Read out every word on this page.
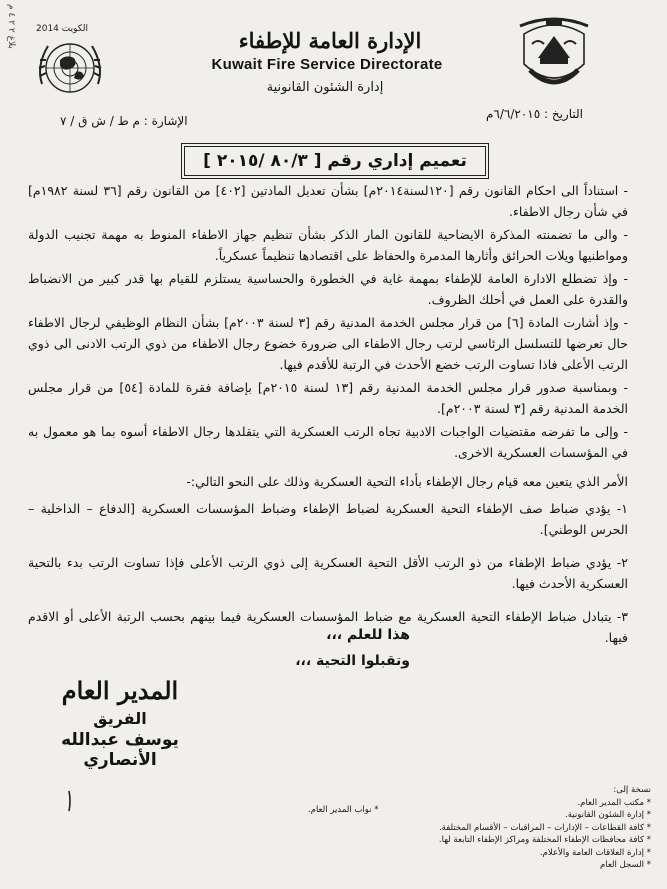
بلاغ ٢ ٢ ٤ م
الكويت 2014	الإدارة العامة للإطفاء
Kuwait Fire Service Directorate
إدارة الشئون القانونية
التاريخ : ٦/٦/٢٠١٥م
الإشارة : م ط / ش ق / ٧
تعميم إداري رقم [ ٨٠/٣ /٢٠١٥ ]

- استناداً الى احكام القانون رقم [١٢٠لسنة٢٠١٤م] بشأن تعديل المادتين [٤٠٢] من القانون رقم [٣٦ لسنة ١٩٨٢م] في شأن رجال الاطفاء.

- والى ما تضمنته المذكرة الايضاحية للقانون المار الذكر بشأن تنظيم جهاز الاطفاء المنوط به مهمة تجنيب الدولة ومواطنيها ويلات الحرائق وأثارها المدمرة والحفاظ على اقتصادها تنظيماً عسكرياً.

- وإذ تضطلع الادارة العامة للإطفاء بمهمة غاية في الخطورة والحساسية يستلزم للقيام بها قدر كبير من الانضباط والقدرة على العمل في أحلك الظروف.

- وإذ أشارت المادة [٦] من قرار مجلس الخدمة المدنية رقم [٣ لسنة ٢٠٠٣م] بشأن النظام الوظيفي لرجال الاطفاء حال تعرضها للتسلسل الرئاسي لرتب رجال الاطفاء الى ضرورة خضوع رجال الاطفاء من ذوي الرتب الادنى الى ذوي الرتب الأعلى فاذا تساوت الرتب خضع الأحدث في الرتبة للأقدم فيها.

- وبمناسبة صدور قرار مجلس الخدمة المدنية رقم [١٣ لسنة ٢٠١٥م] بإضافة فقرة للمادة [٥٤] من قرار مجلس الخدمة المدنية رقم [٣ لسنة ٢٠٠٣م].

- وإلى ما تفرضه مقتضيات الواجبات الادبية تجاه الرتب العسكرية التي يتقلدها رجال الاطفاء أسوه بما هو معمول به في المؤسسات العسكرية الاخرى.

الأمر الذي يتعين معه قيام رجال الإطفاء بأداء التحية العسكرية وذلك على النحو التالي:-

١- يؤدي ضباط صف الإطفاء التحية العسكرية لضباط الإطفاء وضباط المؤسسات العسكرية [الدفاع – الداخلية – الحرس الوطني].

٢- يؤدي ضباط الإطفاء من ذو الرتب الأقل التحية العسكرية إلى ذوي الرتب الأعلى فإذا تساوت الرتب بدء بالتحية العسكرية الأحدث فيها.

٣- يتبادل ضباط الإطفاء التحية العسكرية مع ضباط المؤسسات العسكرية فيما بينهم بحسب الرتبة الأعلى أو الاقدم فيها.

هذا للعلم ،،،
وتقبلوا التحية ،،،
المدير العام
الفريق
يوسف عبدالله الأنصاري
نسخة إلى:
* مكتب المدير العام.
* إدارة الشئون القانونية.
* كافة القطاعات – الإدارات – المراقبات – الأقسام المختلفة.
* كافة محافظات الإطفاء المختلفة ومراكز الإطفاء التابعة لها.
* إدارة العلاقات العامة والأعلام.
* السجل العام
* نواب المدير العام.
